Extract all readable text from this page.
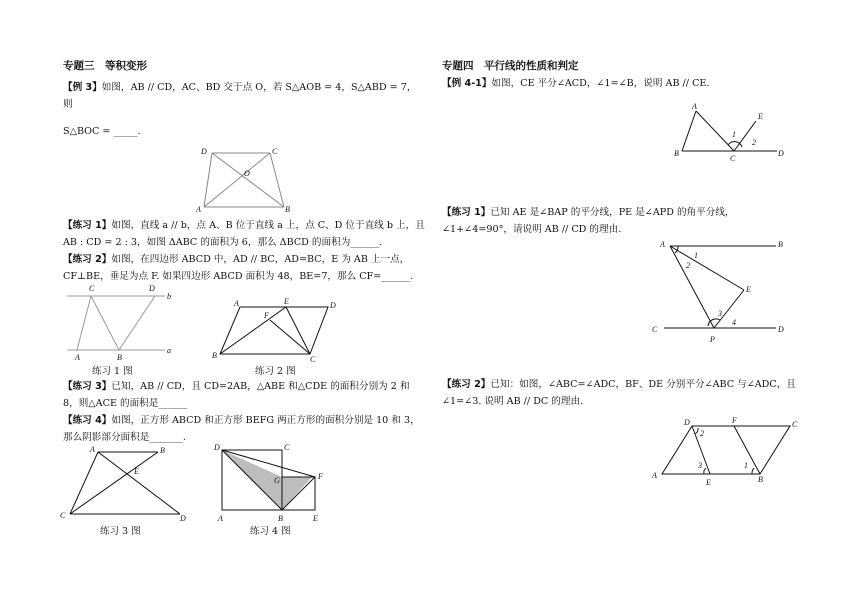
专题三　等积变形
【例 3】如图，AB // CD，AC、BD 交于点 O，若 S△AOB = 4，S△ABD = 7，则
S△BOC = _____.
D	C
O
A	B
【练习 1】如图，直线 a // b，点 A、B 位于直线 a 上，点 C、D 位于直线 b 上，且 AB : CD = 2 : 3，如图 ΔABC 的面积为 6，那么 ΔBCD 的面积为______.
【练习 2】如图，在四边形 ABCD 中，AD // BC，AD=BC，E 为 AB 上一点，CF⊥BE，垂足为点 F. 如果四边形 ABCD 面积为 48，BE=7，那么 CF=______.
C	D
b
A	B
a
练习 1 图
A	E	D
F
B	C
练习 2 图
【练习 3】已知，AB // CD，且 CD=2AB，△ABE 和△CDE 的面积分别为 2 和 8，则△ACE 的面积是______
【练习 4】如图，正方形 ABCD 和正方形 BEFG 两正方形的面积分别是 10 和 3，那么阴影部分面积是_______.
A	B
E
C	D
练习 3 图
D	C
G	F
A	B	E
练习 4 图
专题四　平行线的性质和判定
【例 4-1】如图，CE 平分∠ACD，∠1=∠B，说明 AB // CE.
A
E
1
2
B
C
D
【练习 1】已知 AE 是∠BAP 的平分线，PE 是∠APD 的角平分线，∠1+∠4=90°，请说明 AB // CD 的理由.
A	B
1
2
E
3
4
C	D
P
【练习 2】已知：如图，∠ABC=∠ADC，BF、DE 分别平分∠ABC 与∠ADC，且∠1=∠3. 说明 AB // DC 的理由.
D
2
F	C
3	1
A
E	B
